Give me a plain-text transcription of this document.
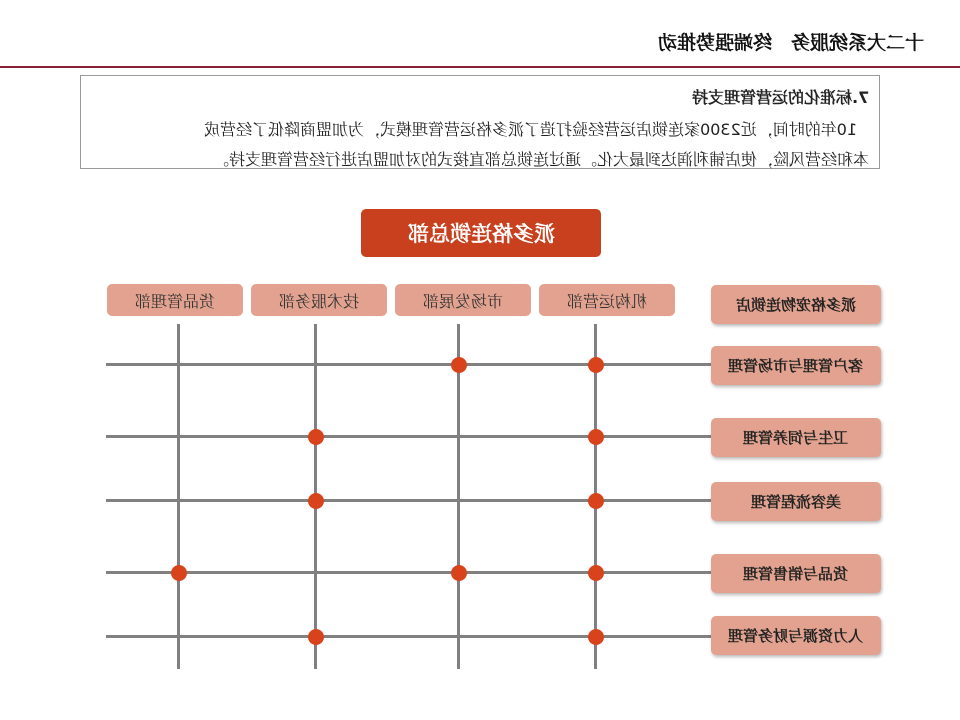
十二大系统服务　终端强势推动
7.标准化的运营管理支持
10年的时间，近2300家连锁店运营经验打造了派多格运营管理模式，为加盟商降低了经营成
本和经营风险，使店铺利润达到最大化。通过连锁总部直接式的对加盟店进行经营管理支持。
派多格连锁总部
机构运营部
市场发展部
技术服务部
货品管理部	派多格宠物连锁店
客户管理与市场管理
卫生与饲养管理
美容流程管理
货品与销售管理
人力资源与财务管理
